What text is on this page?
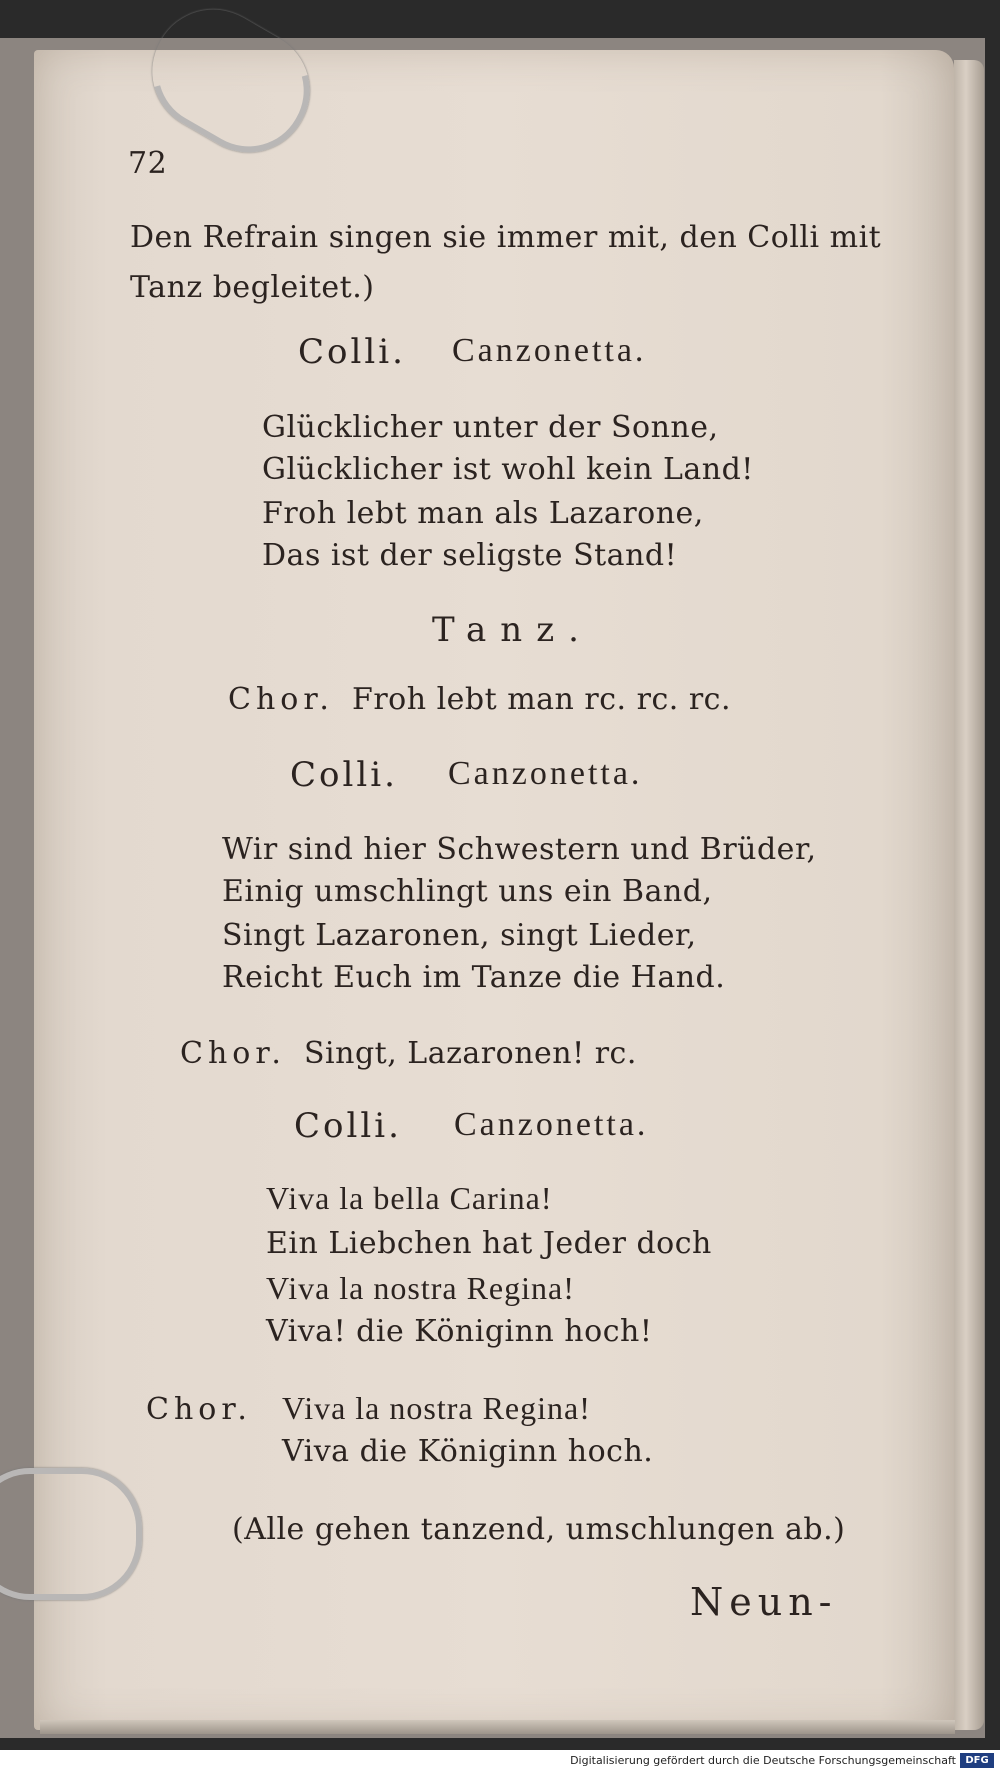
72
Den Refrain singen sie immer mit, den Colli mit
Tanz begleitet.)
Colli. Canzonetta.
Glücklicher unter der Sonne,
Glücklicher ist wohl kein Land!
Froh lebt man als Lazarone,
Das ist der seligste Stand!
Tanz.
Chor. Froh lebt man rc. rc. rc.
Colli. Canzonetta.
Wir sind hier Schwestern und Brüder,
Einig umschlingt uns ein Band,
Singt Lazaronen, singt Lieder,
Reicht Euch im Tanze die Hand.
Chor. Singt, Lazaronen! rc.
Colli. Canzonetta.
Viva la bella Carina!
Ein Liebchen hat Jeder doch
Viva la nostra Regina!
Viva! die Königinn hoch!
Chor. Viva la nostra Regina!
Viva die Königinn hoch.
(Alle gehen tanzend, umschlungen ab.)
Neun-
Digitalisierung gefördert durch die Deutsche Forschungsgemeinschaft DFG
